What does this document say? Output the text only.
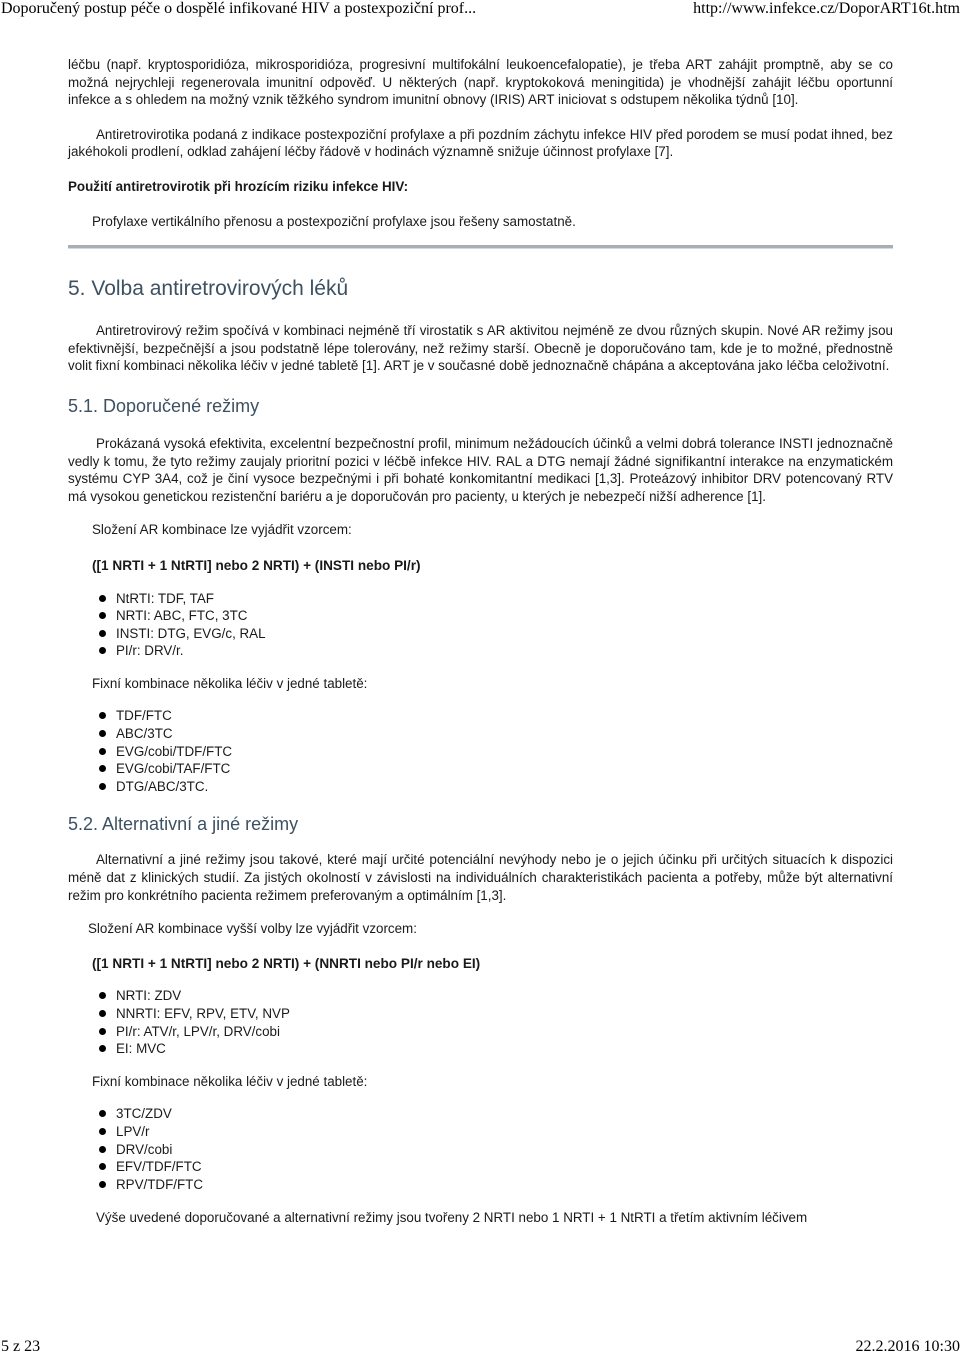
Doporučený postup péče o dospělé infikované HIV a postexpoziční prof...	http://www.infekce.cz/DoporART16t.htm

léčbu (např. kryptosporidióza, mikrosporidióza, progresivní multifokální leukoencefalopatie), je třeba ART zahájit promptně, aby se co možná nejrychleji regenerovala imunitní odpověď. U některých (např. kryptokoková meningitida) je vhodnější zahájit léčbu oportunní infekce a s ohledem na možný vznik těžkého syndrom imunitní obnovy (IRIS) ART iniciovat s odstupem několika týdnů [10].

Antiretrovirotika podaná z indikace postexpoziční profylaxe a při pozdním záchytu infekce HIV před porodem se musí podat ihned, bez jakéhokoli prodlení, odklad zahájení léčby řádově v hodinách významně snižuje účinnost profylaxe [7].

Použití antiretrovirotik při hrozícím riziku infekce HIV:

Profylaxe vertikálního přenosu a postexpoziční profylaxe jsou řešeny samostatně.

5. Volba antiretrovirových léků

Antiretrovirový režim spočívá v kombinaci nejméně tří virostatik s AR aktivitou nejméně ze dvou různých skupin. Nové AR režimy jsou efektivnější, bezpečnější a jsou podstatně lépe tolerovány, než režimy starší. Obecně je doporučováno tam, kde je to možné, přednostně volit fixní kombinaci několika léčiv v jedné tabletě [1]. ART je v současné době jednoznačně chápána a akceptována jako léčba celoživotní.

5.1. Doporučené režimy

Prokázaná vysoká efektivita, excelentní bezpečnostní profil, minimum nežádoucích účinků a velmi dobrá tolerance INSTI jednoznačně vedly k tomu, že tyto režimy zaujaly prioritní pozici v léčbě infekce HIV. RAL a DTG nemají žádné signifikantní interakce na enzymatickém systému CYP 3A4, což je činí vysoce bezpečnými i při bohaté konkomitantní medikaci [1,3]. Proteázový inhibitor DRV potencovaný RTV má vysokou genetickou rezistenční bariéru a je doporučován pro pacienty, u kterých je nebezpečí nižší adherence [1].

Složení AR kombinace lze vyjádřit vzorcem:

([1 NRTI + 1 NtRTI] nebo 2 NRTI) + (INSTI nebo PI/r)

NtRTI: TDF, TAF
NRTI: ABC, FTC, 3TC
INSTI: DTG, EVG/c, RAL
PI/r: DRV/r.

Fixní kombinace několika léčiv v jedné tabletě:

TDF/FTC
ABC/3TC
EVG/cobi/TDF/FTC
EVG/cobi/TAF/FTC
DTG/ABC/3TC.
5.2. Alternativní a jiné režimy

Alternativní a jiné režimy jsou takové, které mají určité potenciální nevýhody nebo je o jejich účinku při určitých situacích k dispozici méně dat z klinických studií. Za jistých okolností v závislosti na individuálních charakteristikách pacienta a potřeby, může být alternativní režim pro konkrétního pacienta režimem preferovaným a optimálním [1,3].

Složení AR kombinace vyšší volby lze vyjádřit vzorcem:

([1 NRTI + 1 NtRTI] nebo 2 NRTI) + (NNRTI nebo PI/r nebo EI)

NRTI: ZDV
NNRTI: EFV, RPV, ETV, NVP
PI/r: ATV/r, LPV/r, DRV/cobi
EI: MVC

Fixní kombinace několika léčiv v jedné tabletě:

3TC/ZDV
LPV/r
DRV/cobi
EFV/TDF/FTC
RPV/TDF/FTC

Výše uvedené doporučované a alternativní režimy jsou tvořeny 2 NRTI nebo 1 NRTI + 1 NtRTI a třetím aktivním léčivem

5 z 23	22.2.2016 10:30
